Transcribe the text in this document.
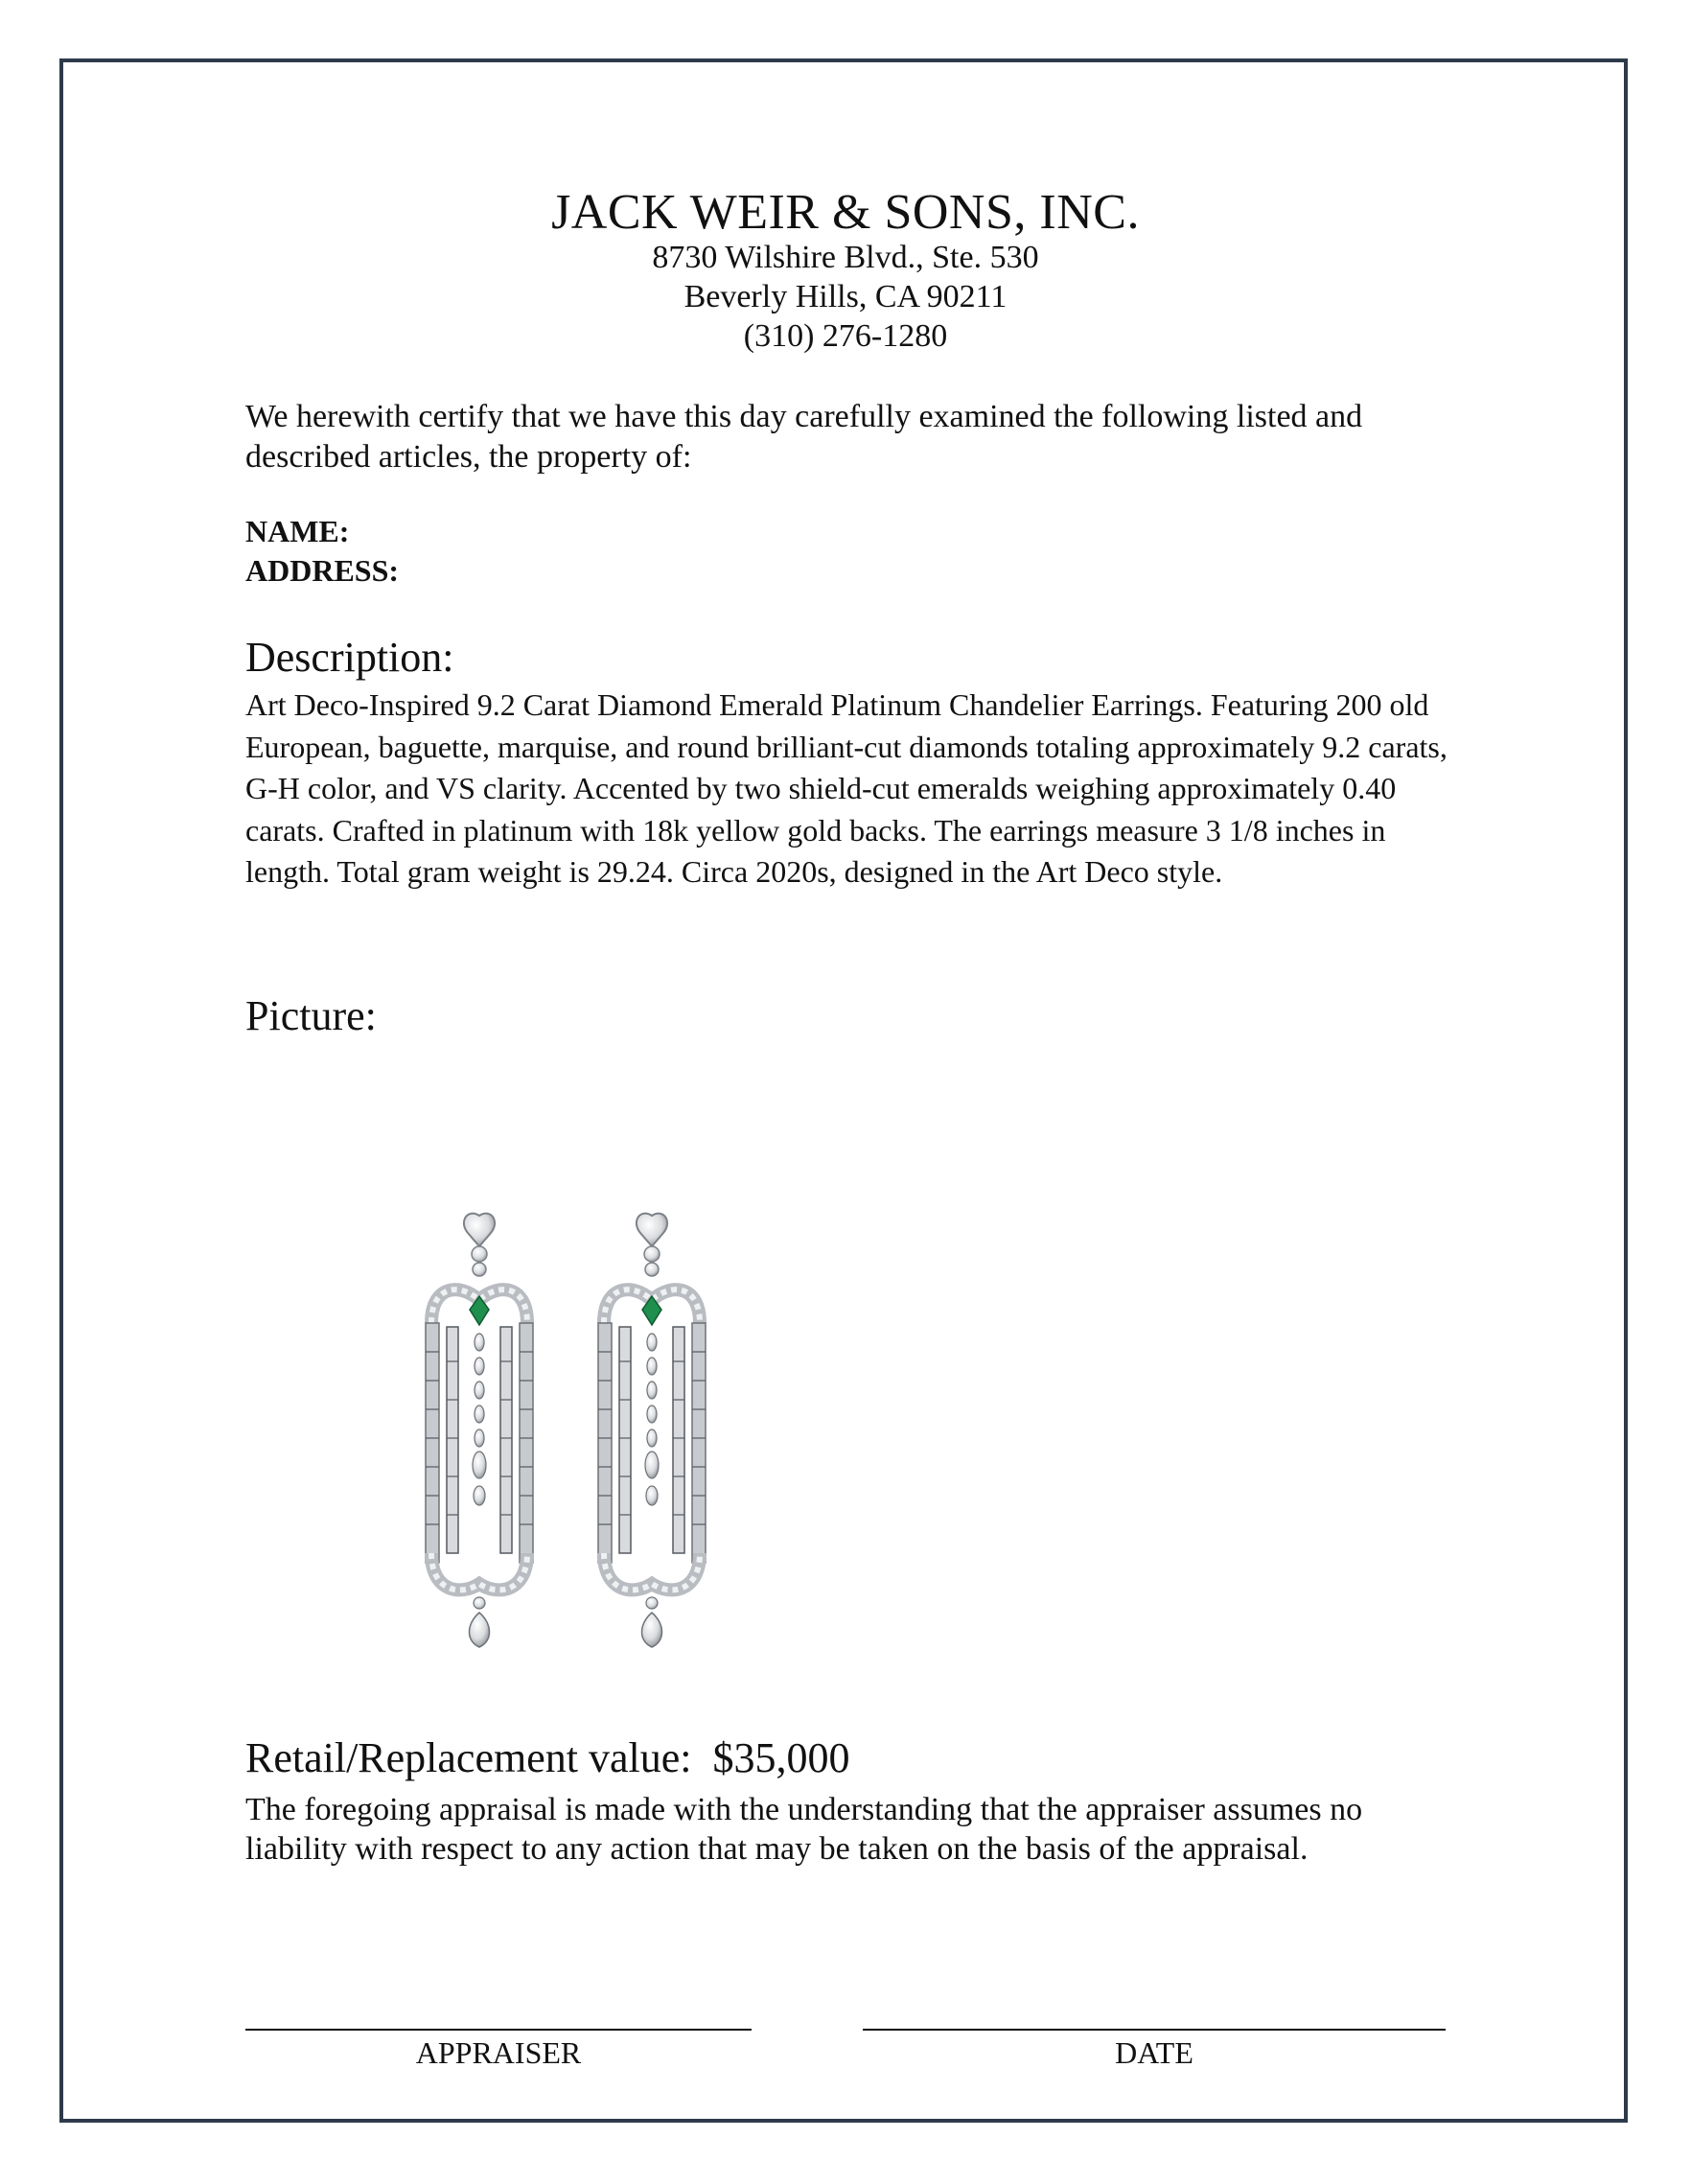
JACK WEIR & SONS, INC.
8730 Wilshire Blvd., Ste. 530
Beverly Hills, CA 90211
(310) 276-1280
We herewith certify that we have this day carefully examined the following listed and described articles, the property of:
NAME:
ADDRESS:
Description:
Art Deco-Inspired 9.2 Carat Diamond Emerald Platinum Chandelier Earrings. Featuring 200 old European, baguette, marquise, and round brilliant-cut diamonds totaling approximately 9.2 carats, G-H color, and VS clarity. Accented by two shield-cut emeralds weighing approximately 0.40 carats. Crafted in platinum with 18k yellow gold backs. The earrings measure 3 1/8 inches in length. Total gram weight is 29.24. Circa 2020s, designed in the Art Deco style.
Picture:
Retail/Replacement value: $35,000
The foregoing appraisal is made with the understanding that the appraiser assumes no liability with respect to any action that may be taken on the basis of the appraisal.
APPRAISER	DATE
